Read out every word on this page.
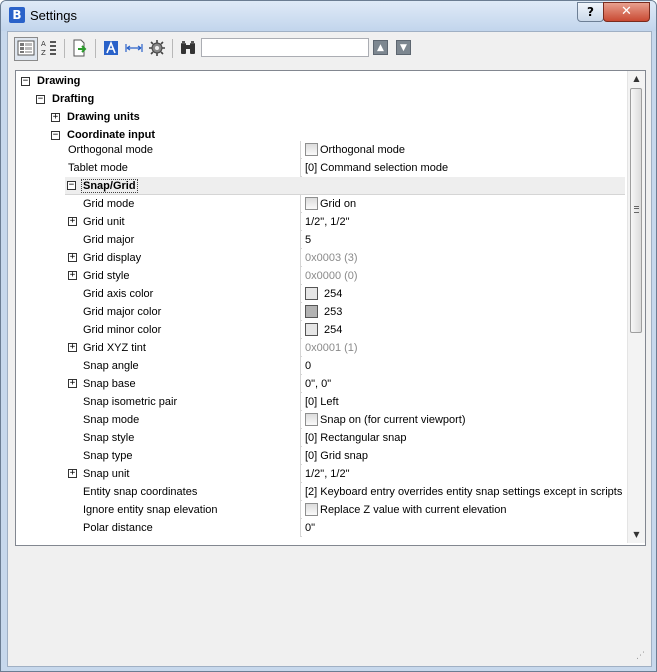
B Settings	?	✕
A
Z	▲	▼
− Drawing
− Drafting
+ Drawing units
− Coordinate input
Orthogonal mode	Orthogonal mode
Tablet mode	[0] Command selection mode
− Snap/Grid
Grid mode	Grid on
+ Grid unit	1/2", 1/2"
Grid major	5
+ Grid display	0x0003 (3)
+ Grid style	0x0000 (0)
Grid axis color	254
Grid major color	253
Grid minor color	254
+ Grid XYZ tint	0x0001 (1)
Snap angle	0
+ Snap base	0", 0"
Snap isometric pair	[0] Left
Snap mode	Snap on (for current viewport)
Snap style	[0] Rectangular snap
Snap type	[0] Grid snap
+ Snap unit	1/2", 1/2"
Entity snap coordinates	[2] Keyboard entry overrides entity snap settings except in scripts
Ignore entity snap elevation	Replace Z value with current elevation
Polar distance	0"
▲
▼
⋰
